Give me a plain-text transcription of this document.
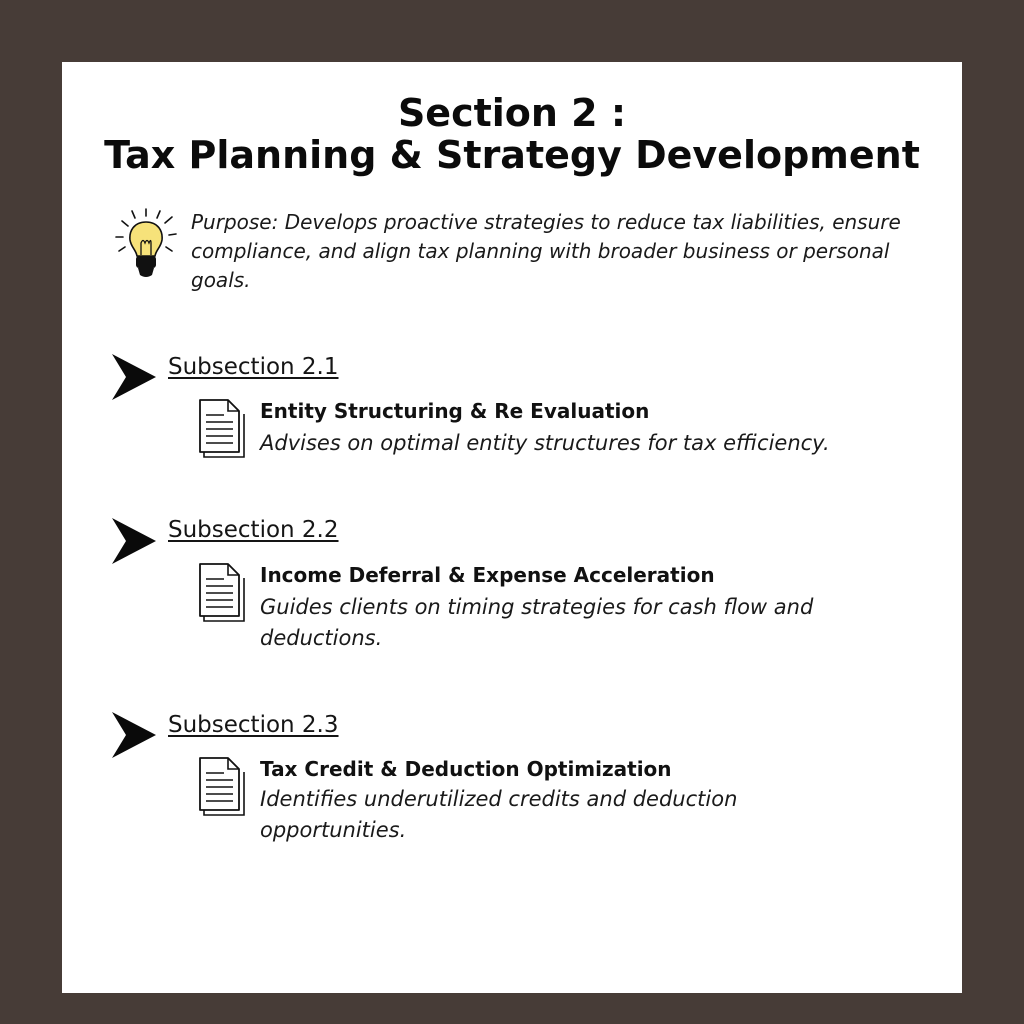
Section 2 :
Tax Planning & Strategy Development
Purpose: Develops proactive strategies to reduce tax liabilities, ensure compliance, and align tax planning with broader business or personal goals.
Subsection 2.1
Entity Structuring & Re Evaluation
Advises on optimal entity structures for tax efficiency.
Subsection 2.2
Income Deferral & Expense Acceleration
Guides clients on timing strategies for cash flow and deductions.
Subsection 2.3
Tax Credit & Deduction Optimization
Identifies underutilized credits and deduction opportunities.
